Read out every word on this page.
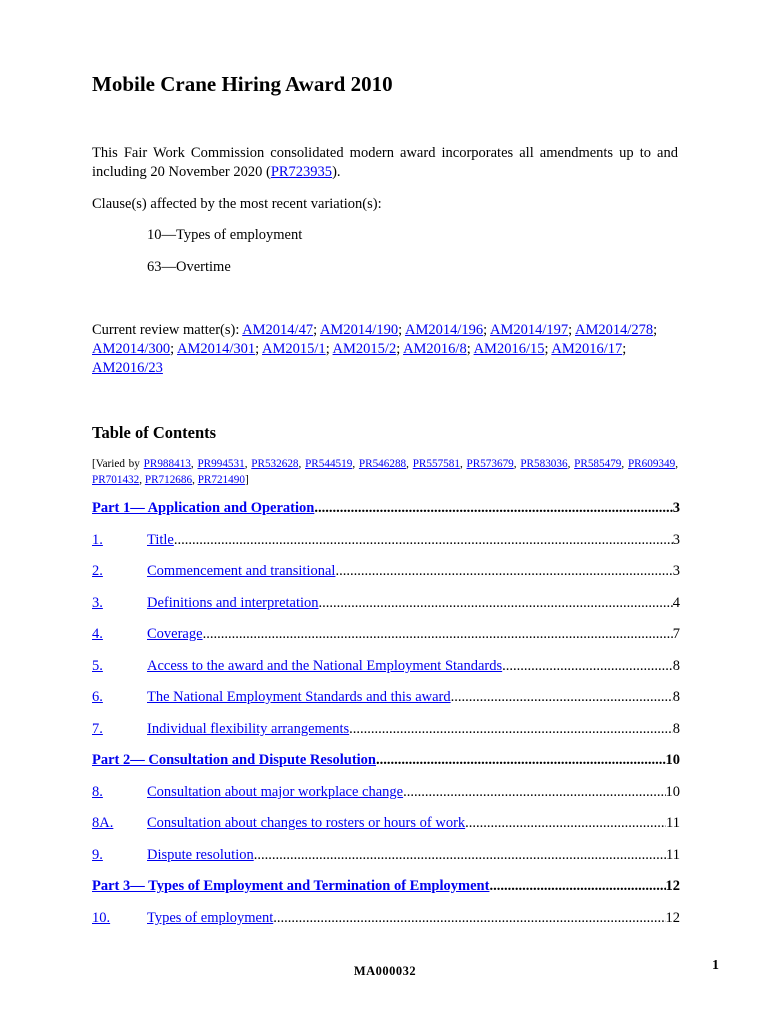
Mobile Crane Hiring Award 2010

This Fair Work Commission consolidated modern award incorporates all amendments up to and including 20 November 2020 (PR723935).

Clause(s) affected by the most recent variation(s):

10—Types of employment

63—Overtime

Current review matter(s): AM2014/47; AM2014/190; AM2014/196; AM2014/197; AM2014/278; AM2014/300; AM2014/301; AM2015/1; AM2015/2; AM2016/8; AM2016/15; AM2016/17; AM2016/23

Table of Contents

[Varied by PR988413, PR994531, PR532628, PR544519, PR546288, PR557581, PR573679, PR583036, PR585479, PR609349, PR701432, PR712686, PR721490]

Part 1— Application and Operation .....	3
1.	Title .....	3
2.	Commencement and transitional .....	3
3.	Definitions and interpretation .....	4
4.	Coverage .....	7
5.	Access to the award and the National Employment Standards .....	8
6.	The National Employment Standards and this award .....	8
7.	Individual flexibility arrangements .....	8
Part 2— Consultation and Dispute Resolution .....	10
8.	Consultation about major workplace change .....	10
8A.	Consultation about changes to rosters or hours of work .....	11
9.	Dispute resolution .....	11
Part 3— Types of Employment and Termination of Employment .....	12
10.	Types of employment .....	12

MA000032	1
